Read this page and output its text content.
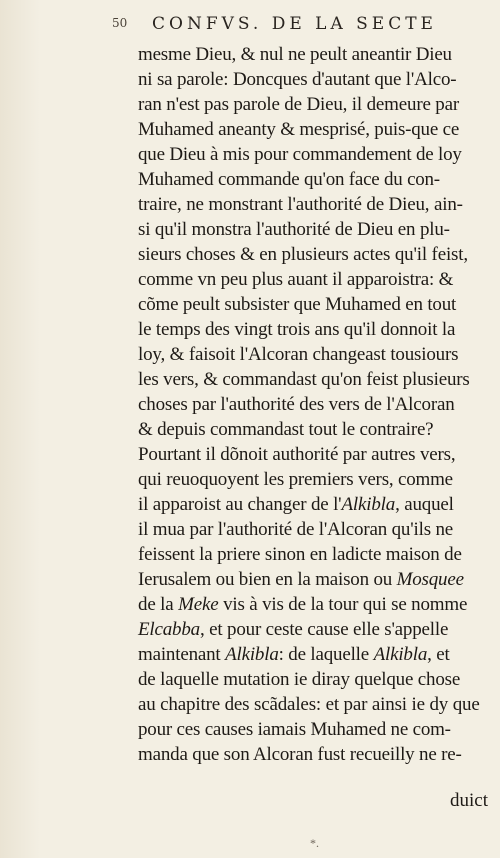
50	CONFVS. DE LA SECTE
mesme Dieu, & nul ne peult aneantir Dieu
ni sa parole: Doncques d'autant que l'Alco-
ran n'est pas parole de Dieu, il demeure par
Muhamed aneanty & mesprisé, puis-que ce
que Dieu à mis pour commandement de loy
Muhamed commande qu'on face du con-
traire, ne monstrant l'authorité de Dieu, ain-
si qu'il monstra l'authorité de Dieu en plu-
sieurs choses & en plusieurs actes qu'il feist,
comme vn peu plus auant il apparoistra: &
cõme peult subsister que Muhamed en tout
le temps des vingt trois ans qu'il donnoit la
loy, & faisoit l'Alcoran changeast tousiours
les vers, & commandast qu'on feist plusieurs
choses par l'authorité des vers de l'Alcoran
& depuis commandast tout le contraire?
Pourtant il dõnoit authorité par autres vers,
qui reuoquoyent les premiers vers, comme
il apparoist au changer de l'Alkibla, auquel
il mua par l'authorité de l'Alcoran qu'ils ne
feissent la priere sinon en ladicte maison de
Ierusalem ou bien en la maison ou Mosquee
de la Meke vis à vis de la tour qui se nomme
Elcabba, et pour ceste cause elle s'appelle
maintenant Alkibla: de laquelle Alkibla, et
de laquelle mutation ie diray quelque chose
au chapitre des scãdales: et par ainsi ie dy que
pour ces causes iamais Muhamed ne com-
manda que son Alcoran fust recueilly ne re-
duict
*.
